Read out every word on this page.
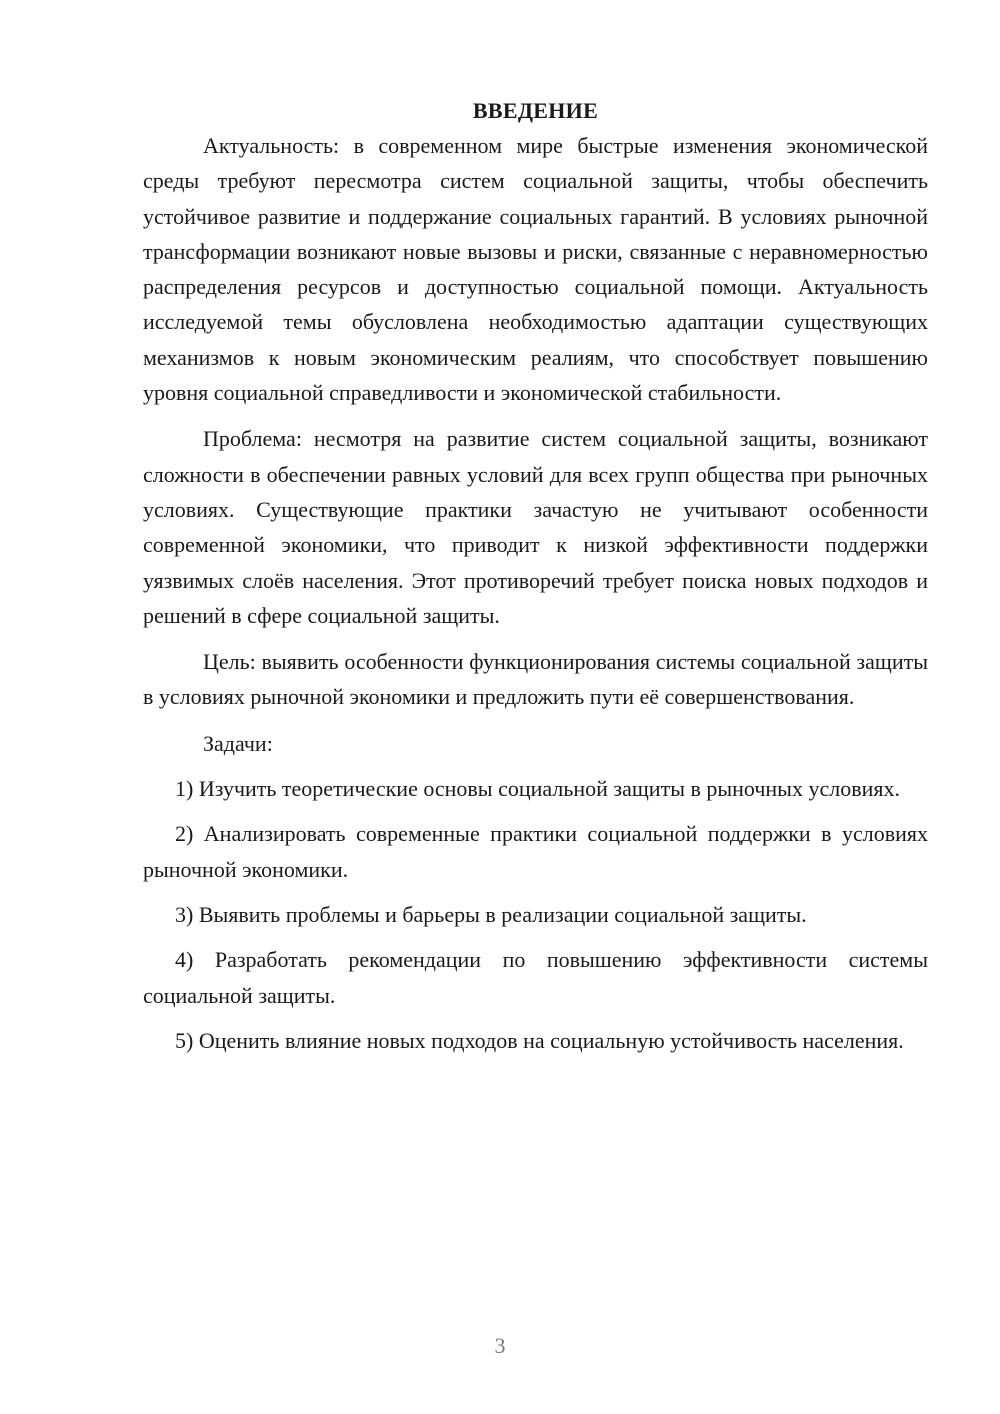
ВВЕДЕНИЕ

Актуальность: в современном мире быстрые изменения экономической среды требуют пересмотра систем социальной защиты, чтобы обеспечить устойчивое развитие и поддержание социальных гарантий. В условиях рыночной трансформации возникают новые вызовы и риски, связанные с неравномерностью распределения ресурсов и доступностью социальной помощи. Актуальность исследуемой темы обусловлена необходимостью адаптации существующих механизмов к новым экономическим реалиям, что способствует повышению уровня социальной справедливости и экономической стабильности.

Проблема: несмотря на развитие систем социальной защиты, возникают сложности в обеспечении равных условий для всех групп общества при рыночных условиях. Существующие практики зачастую не учитывают особенности современной экономики, что приводит к низкой эффективности поддержки уязвимых слоёв населения. Этот противоречий требует поиска новых подходов и решений в сфере социальной защиты.

Цель: выявить особенности функционирования системы социальной защиты в условиях рыночной экономики и предложить пути её совершенствования.

Задачи:

1) Изучить теоретические основы социальной защиты в рыночных условиях.

2) Анализировать современные практики социальной поддержки в условиях рыночной экономики.

3) Выявить проблемы и барьеры в реализации социальной защиты.

4) Разработать рекомендации по повышению эффективности системы социальной защиты.

5) Оценить влияние новых подходов на социальную устойчивость населения.

3
